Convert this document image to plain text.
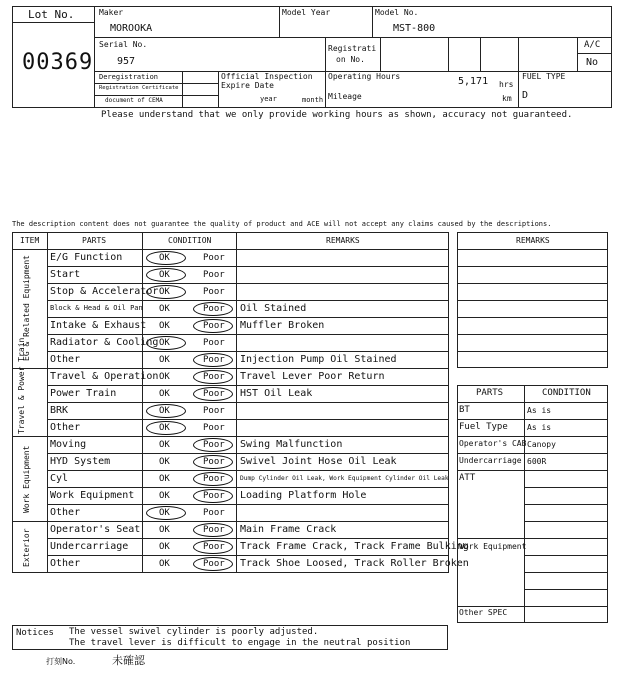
Lot No.
00369
Maker
MOROOKA
Model Year	Model No.
MST-800
Serial No.
957
Registrati
on No.
A/C
No
Deregistration
Registration Certificate
document of CEMA
Official Inspection
Expire Date
year	month
Operating Hours	5,171 hrs
Mileage	km
FUEL TYPE
D
Please understand that we only provide working hours as shown, accuracy not guaranteed.
The description content does not guarantee the quality of product and ACE will not accept any claims caused by the descriptions.
ITEM	PARTS	CONDITION	REMARKS
EG & Related Equipment
Travel & Power Train
Work Equipment
Exterior
E/G Function	OK	Poor
Start	OK	Poor
Stop & Accelerator OK	Poor
Block & Head & Oil Pan OK	Poor Oil Stained
Intake & Exhaust OK	Poor Muffler Broken
Radiator & Cooling OK	Poor
Other	OK	Poor Injection Pump Oil Stained
Travel & Operation OK	Poor Travel Lever Poor Return
Power Train	OK	Poor HST Oil Leak
BRK	OK	Poor
Other	OK	Poor
Moving	OK	Poor Swing Malfunction
HYD System	OK	Poor Swivel Joint Hose Oil Leak
Cyl	OK	Poor Dump Cylinder Oil Leak, Work Equipment Cylinder Oil Leak
Work Equipment	OK	Poor Loading Platform Hole
Other	OK	Poor
Operator's Seat OK	Poor Main Frame Crack
Undercarriage	OK	Poor Track Frame Crack, Track Frame Bulking
Other	OK	Poor Track Shoe Loosed, Track Roller Broken
REMARKS
PARTS	CONDITION
BT	As is
Fuel Type As is
Operator's CAB Canopy
Undercarriage 600R
ATT
Work Equipment
Other SPEC
Notices The vessel swivel cylinder is poorly adjusted.
The travel lever is difficult to engage in the neutral position
打刻No.	未確認
